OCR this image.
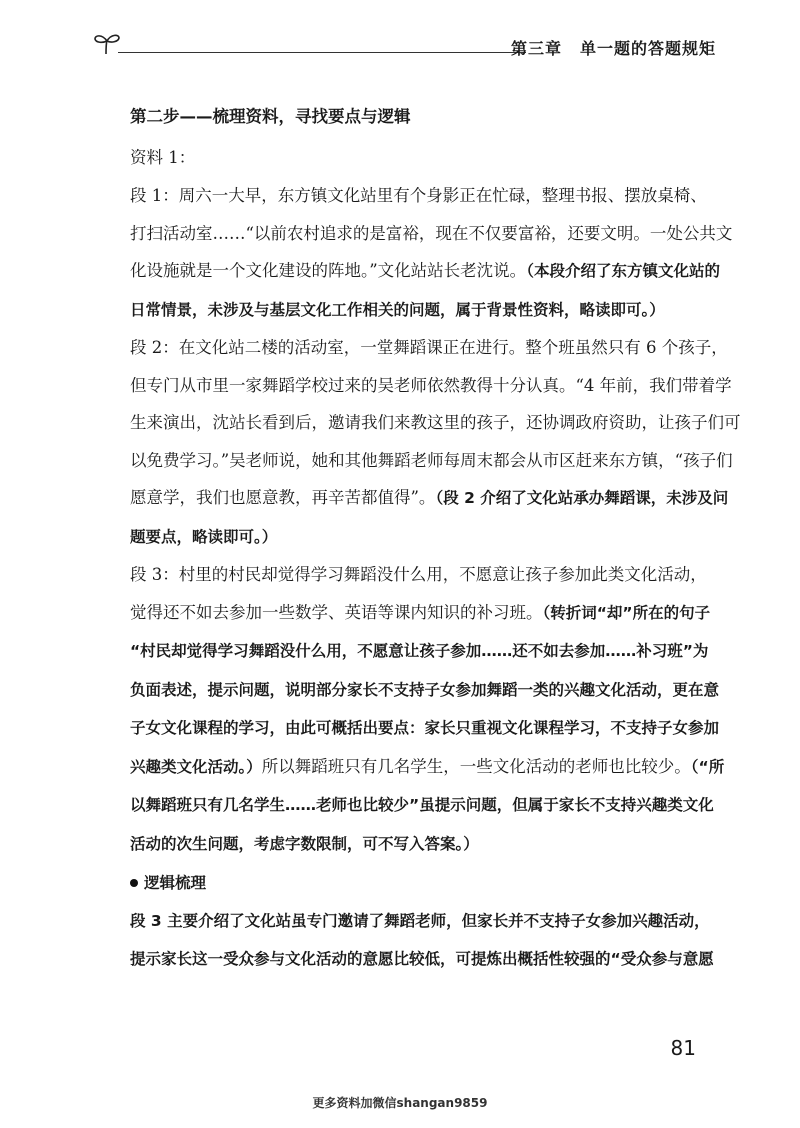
第三章 单一题的答题规矩

第二步——梳理资料，寻找要点与逻辑

资料 1：

段 1：周六一大早，东方镇文化站里有个身影正在忙碌，整理书报、摆放桌椅、

打扫活动室……“以前农村追求的是富裕，现在不仅要富裕，还要文明。一处公共文

化设施就是一个文化建设的阵地。”文化站站长老沈说。（本段介绍了东方镇文化站的

日常情景，未涉及与基层文化工作相关的问题，属于背景性资料，略读即可。）

段 2：在文化站二楼的活动室，一堂舞蹈课正在进行。整个班虽然只有 6 个孩子，

但专门从市里一家舞蹈学校过来的吴老师依然教得十分认真。“4 年前，我们带着学

生来演出，沈站长看到后，邀请我们来教这里的孩子，还协调政府资助，让孩子们可

以免费学习。”吴老师说，她和其他舞蹈老师每周末都会从市区赶来东方镇，“孩子们

愿意学，我们也愿意教，再辛苦都值得”。（段 2 介绍了文化站承办舞蹈课，未涉及问

题要点，略读即可。）

段 3：村里的村民却觉得学习舞蹈没什么用，不愿意让孩子参加此类文化活动，

觉得还不如去参加一些数学、英语等课内知识的补习班。（转折词“却”所在的句子

“村民却觉得学习舞蹈没什么用，不愿意让孩子参加……还不如去参加……补习班”为

负面表述，提示问题，说明部分家长不支持子女参加舞蹈一类的兴趣文化活动，更在意

子女文化课程的学习，由此可概括出要点：家长只重视文化课程学习，不支持子女参加

兴趣类文化活动。）所以舞蹈班只有几名学生，一些文化活动的老师也比较少。（“所

以舞蹈班只有几名学生……老师也比较少”虽提示问题，但属于家长不支持兴趣类文化

活动的次生问题，考虑字数限制，可不写入答案。）

逻辑梳理

段 3 主要介绍了文化站虽专门邀请了舞蹈老师，但家长并不支持子女参加兴趣活动，

提示家长这一受众参与文化活动的意愿比较低，可提炼出概括性较强的“受众参与意愿

81
更多资料加微信shangan9859
